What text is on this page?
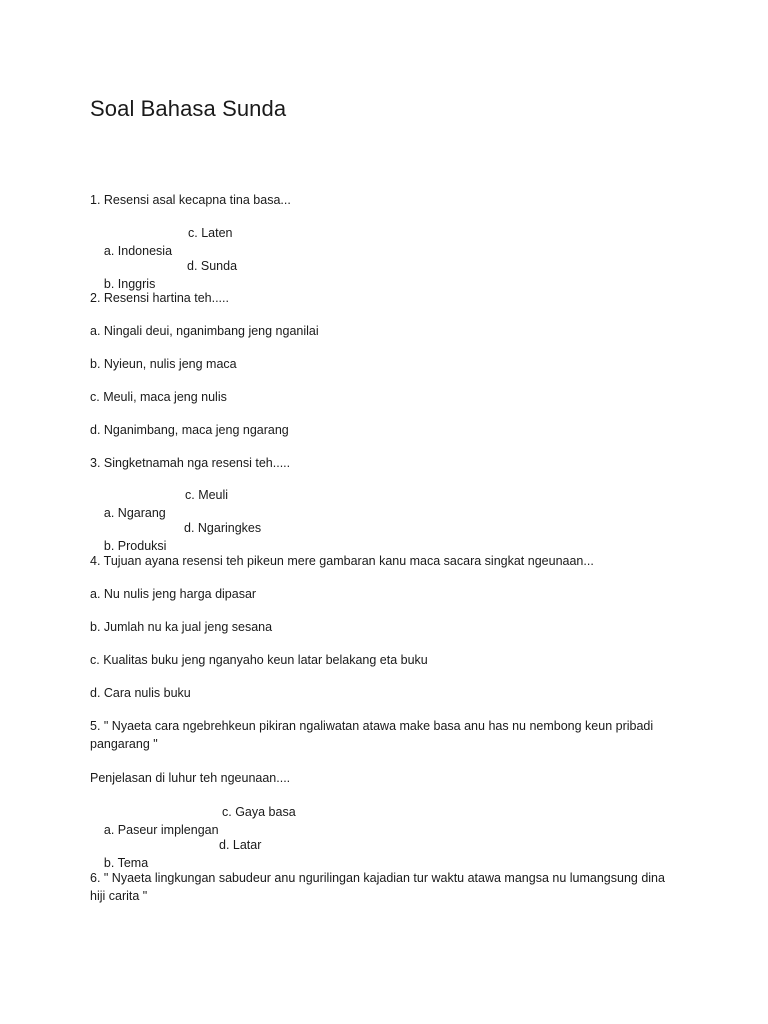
Soal Bahasa Sunda

1. Resensi asal kecapna tina basa...

a. Indonesia

c. Laten

b. Inggris

d. Sunda

2. Resensi hartina teh.....

a. Ningali deui, nganimbang jeng nganilai

b. Nyieun, nulis jeng maca

c. Meuli, maca jeng nulis

d. Nganimbang, maca jeng ngarang

3. Singketnamah nga resensi teh.....

a. Ngarang

c. Meuli

b. Produksi

d. Ngaringkes

4. Tujuan ayana resensi teh pikeun mere gambaran kanu maca sacara singkat ngeunaan...

a. Nu nulis jeng harga dipasar

b. Jumlah nu ka jual jeng sesana

c. Kualitas buku jeng nganyaho keun latar belakang eta buku

d. Cara nulis buku

5. " Nyaeta cara ngebrehkeun pikiran ngaliwatan atawa make basa anu has nu nembong keun pribadi pangarang "

Penjelasan di luhur teh ngeunaan....

a. Paseur implengan

c. Gaya basa

b. Tema

d. Latar

6. " Nyaeta lingkungan sabudeur anu ngurilingan kajadian tur waktu atawa mangsa nu lumangsung dina hiji carita "
